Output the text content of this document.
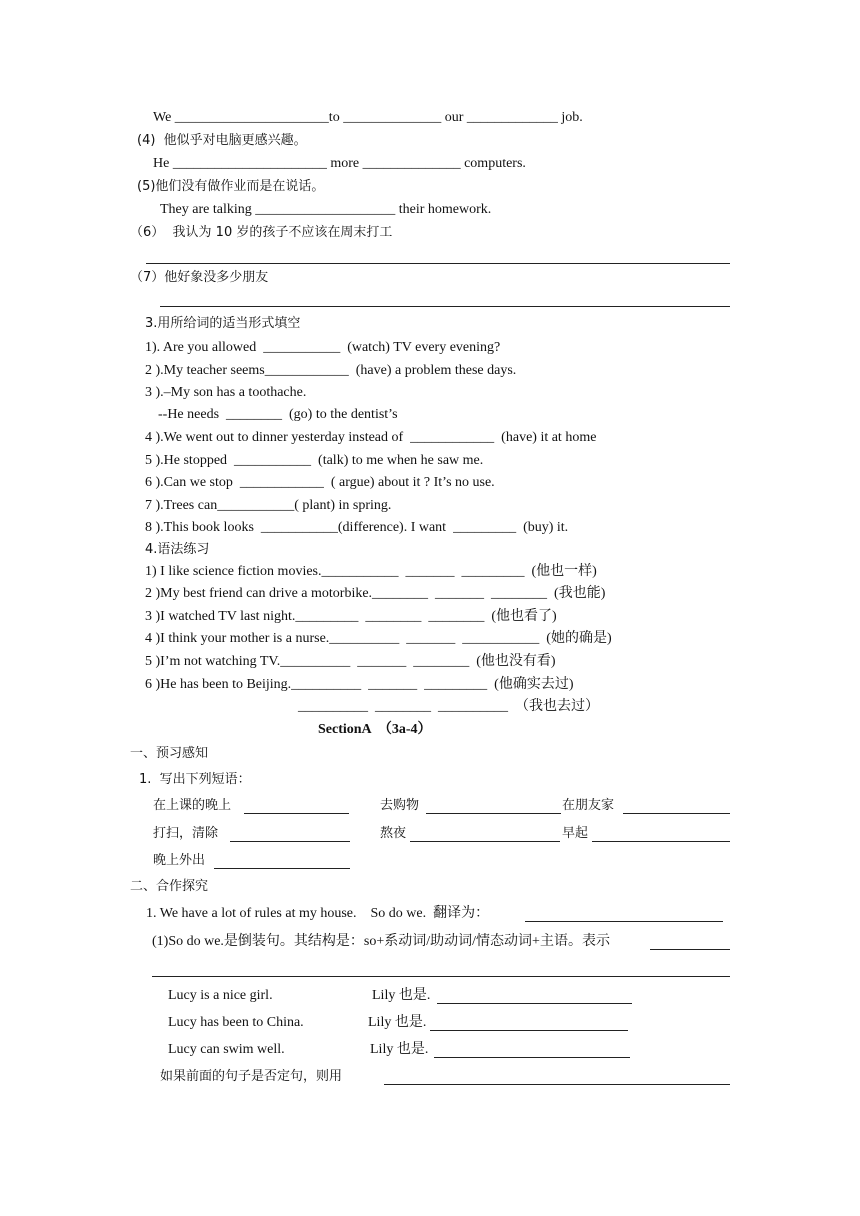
We ______________________to ______________ our _____________ job.
(4)  他似乎对电脑更感兴趣。
He ______________________ more ______________ computers.
(5)他们没有做作业而是在说话。
They are talking ____________________ their homework.
（6）  我认为 10 岁的孩子不应该在周末打工
（7）他好象没多少朋友
3.用所给词的适当形式填空
1). Are you allowed  ___________  (watch) TV every evening?
2 ).My teacher seems____________  (have) a problem these days.
3 ).–My son has a toothache.
--He needs  ________  (go) to the dentist’s
4 ).We went out to dinner yesterday instead of  ____________  (have) it at home
5 ).He stopped  ___________  (talk) to me when he saw me.
6 ).Can we stop  ____________  ( argue) about it ? It’s no use.
7 ).Trees can___________( plant) in spring.
8 ).This book looks  ___________(difference). I want  _________  (buy) it.
4.语法练习
1) I like science fiction movies.___________  _______  _________  (他也一样)
2 )My best friend can drive a motorbike.________  _______  ________  (我也能)
3 )I watched TV last night._________  ________  ________  (他也看了)
4 )I think your mother is a nurse.__________  _______  ___________  (她的确是)
5 )I’m not watching TV.__________  _______  ________  (他也没有看)
6 )He has been to Beijing.__________  _______  _________  (他确实去过)
__________  ________  __________  （我也去过）
SectionA  （3a-4）
一、预习感知
1.  写出下列短语：
在上课的晚上	去购物	在朋友家
打扫，清除	熬夜	早起
晚上外出
二、合作探究
1. We have a lot of rules at my house.    So do we.  翻译为：
(1)So do we.是倒装句。其结构是：so+系动词/助动词/情态动词+主语。表示
Lucy is a nice girl.	Lily 也是.
Lucy has been to China.	Lily 也是.
Lucy can swim well.	Lily 也是.
如果前面的句子是否定句，则用
